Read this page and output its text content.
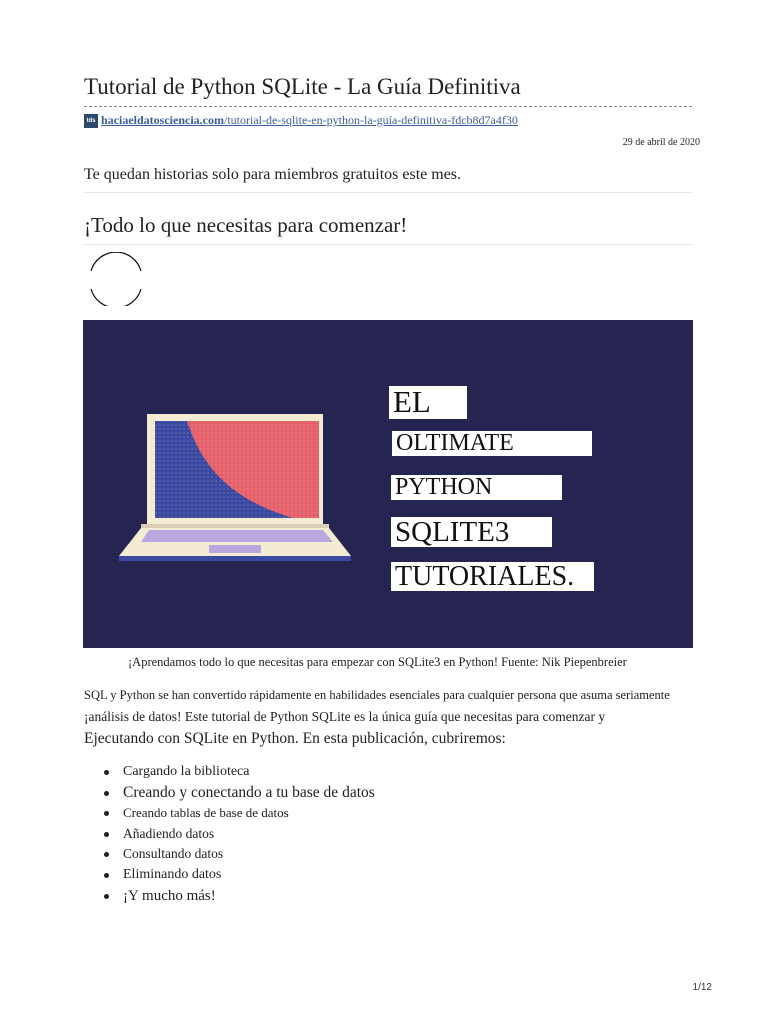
Tutorial de Python SQLite - La Guía Definitiva
tds haciaeldatosciencia.com/tutorial-de-sqlite-en-python-la-guía-definitiva-fdcb8d7a4f30
29 de abril de 2020
Te quedan historias solo para miembros gratuitos este mes.
¡Todo lo que necesitas para comenzar!
EL
OLTIMATE
PYTHON
SQLITE3
TUTORIALES.
¡Aprendamos todo lo que necesitas para empezar con SQLite3 en Python! Fuente: Nik Piepenbreier
SQL y Python se han convertido rápidamente en habilidades esenciales para cualquier persona que asuma seriamente
¡análisis de datos! Este tutorial de Python SQLite es la única guía que necesitas para comenzar y
Ejecutando con SQLite en Python. En esta publicación, cubriremos:
Cargando la biblioteca
Creando y conectando a tu base de datos
Creando tablas de base de datos
Añadiendo datos
Consultando datos
Eliminando datos
¡Y mucho más!
1/12
